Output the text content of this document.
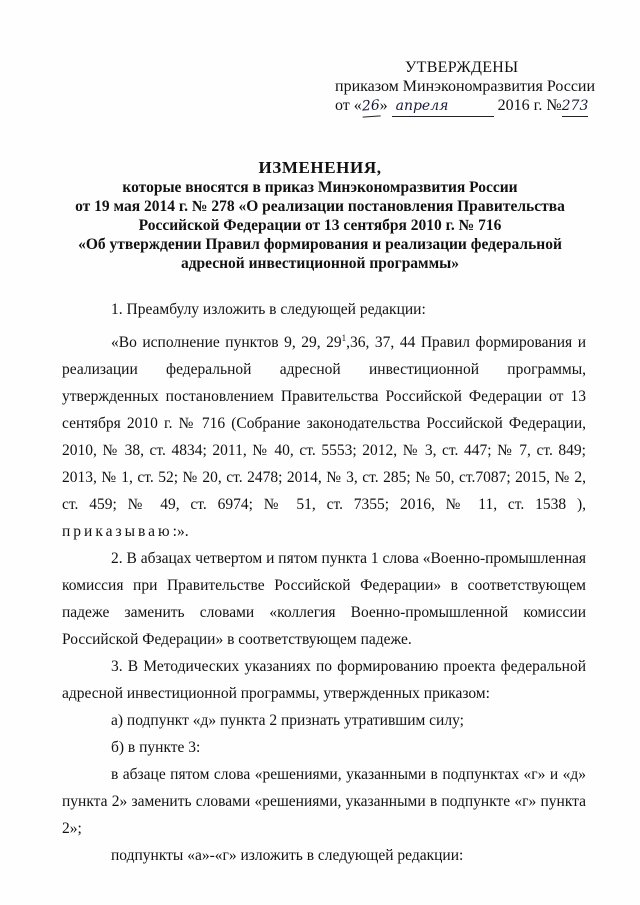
УТВЕРЖДЕНЫ
приказом Минэкономразвития России
от «26» апреля	2016 г. №273
ИЗМЕНЕНИЯ,
которые вносятся в приказ Минэкономразвития России
от 19 мая 2014 г. № 278 «О реализации постановления Правительства
Российской Федерации от 13 сентября 2010 г. № 716
«Об утверждении Правил формирования и реализации федеральной
адресной инвестиционной программы»

1. Преамбулу изложить в следующей редакции:

«Во исполнение пунктов 9, 29, $29^1,36$, 37, 44 Правил формирования и реализации федеральной адресной инвестиционной программы, утвержденных постановлением Правительства Российской Федерации от 13 сентября 2010 г. № 716 (Собрание законодательства Российской Федерации, 2010, № 38, ст. 4834; 2011, № 40, ст. 5553; 2012, № 3, ст. 447; № 7, ст. 849; 2013, № 1, ст. 52; № 20, ст. 2478; 2014, № 3, ст. 285; № 50, ст.7087; 2015, № 2, ст. 459; № 49, ст. 6974; № 51, ст. 7355; 2016, № 11, ст. 1538 ), приказываю:».

2. В абзацах четвертом и пятом пункта 1 слова «Военно-промышленная комиссия при Правительстве Российской Федерации» в соответствующем падеже заменить словами «коллегия Военно-промышленной комиссии Российской Федерации» в соответствующем падеже.

3. В Методических указаниях по формированию проекта федеральной адресной инвестиционной программы, утвержденных приказом:

а) подпункт «д» пункта 2 признать утратившим силу;

б) в пункте 3:

в абзаце пятом слова «решениями, указанными в подпунктах «г» и «д» пункта 2» заменить словами «решениями, указанными в подпункте «г» пункта 2»;

подпункты «а»-«г» изложить в следующей редакции:
